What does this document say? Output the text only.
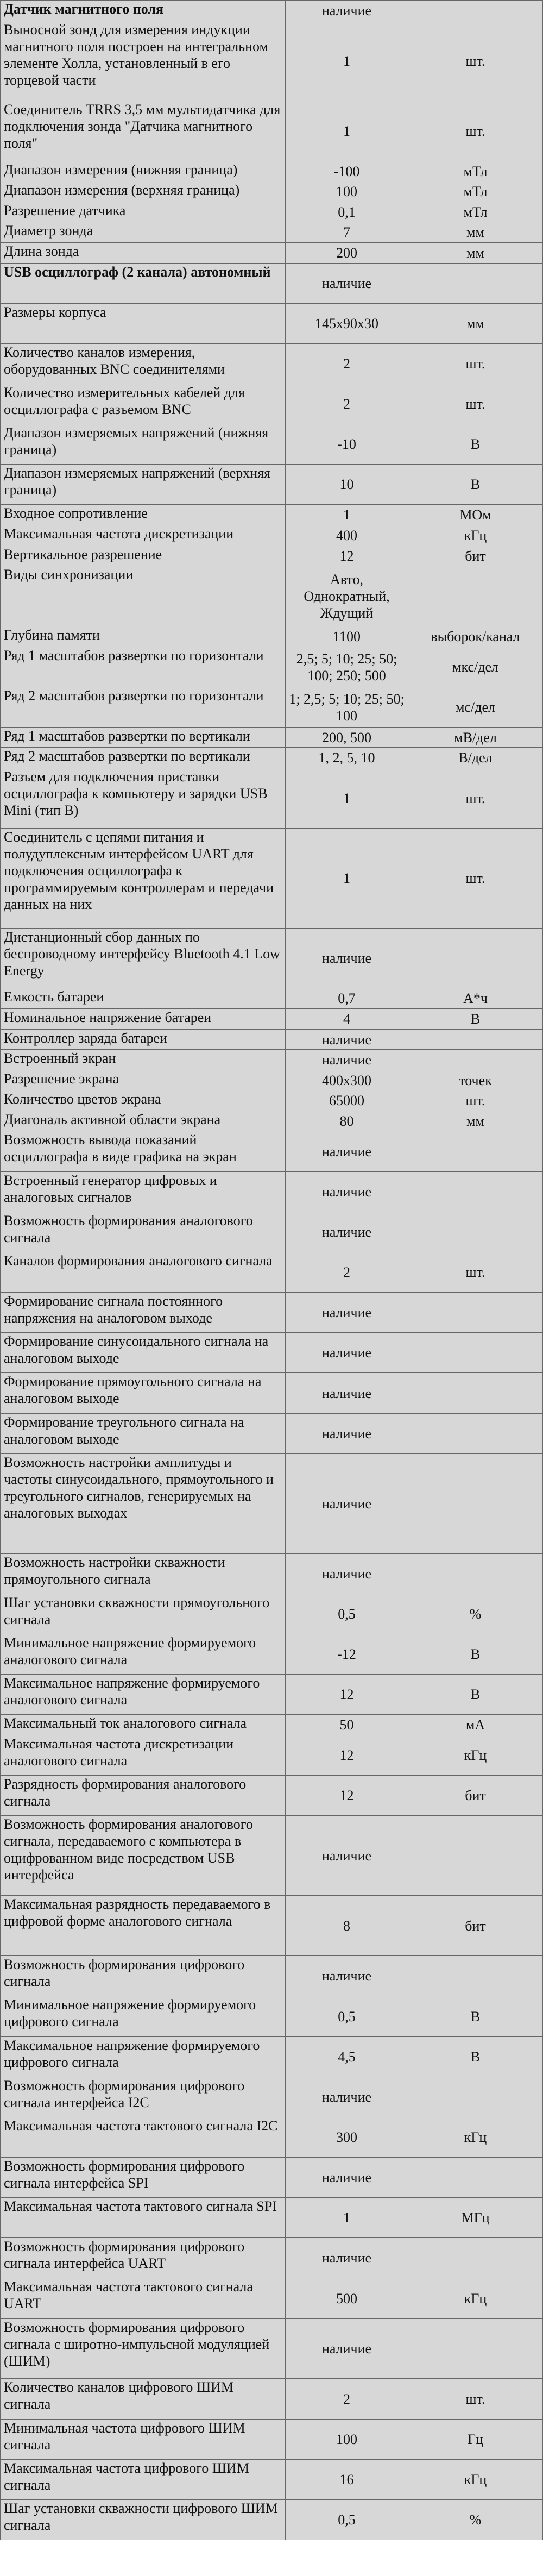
Датчик магнитного поля	наличие	
Выносной зонд для измерения индукции магнитного поля построен на интегральном элементе Холла, установленный в его торцевой части	1	шт.
Соединитель TRRS 3,5 мм мультидатчика для подключения зонда "Датчика магнитного поля"	1	шт.
Диапазон измерения (нижняя граница)	-100	мТл
Диапазон измерения (верхняя граница)	100	мТл
Разрешение датчика	0,1	мТл
Диаметр зонда	7	мм
Длина зонда	200	мм
USB осциллограф (2 канала) автономный	наличие	
Размеры корпуса	145х90х30	мм
Количество каналов измерения, оборудованных BNC соединителями	2	шт.
Количество измерительных кабелей для осциллографа с разъемом BNC	2	шт.
Диапазон измеряемых напряжений (нижняя граница)	-10	В
Диапазон измеряемых напряжений (верхняя граница)	10	В
Входное сопротивление	1	МОм
Максимальная частота дискретизации	400	кГц
Вертикальное разрешение	12	бит
Виды синхронизации	Авто, Однократный, Ждущий	
Глубина памяти	1100	выборок/канал
Ряд 1 масштабов развертки по горизонтали	2,5; 5; 10; 25; 50; 100; 250; 500	мкс/дел
Ряд 2 масштабов развертки по горизонтали	1; 2,5; 5; 10; 25; 50; 100	мс/дел
Ряд 1 масштабов развертки по вертикали	200, 500	мВ/дел
Ряд 2 масштабов развертки по вертикали	1, 2, 5, 10	В/дел
Разъем для подключения приставки осциллографа к компьютеру и зарядки USB Mini (тип B)	1	шт.
Соединитель с цепями питания и полудуплексным интерфейсом UART для подключения осциллографа к программируемым контроллерам и передачи данных на них	1	шт.
Дистанционный сбор данных по беспроводному интерфейсу Bluetooth 4.1 Low Energy	наличие	
Емкость батареи	0,7	А*ч
Номинальное напряжение батареи	4	В
Контроллер заряда батареи	наличие	
Встроенный экран	наличие	
Разрешение экрана	400х300	точек
Количество цветов экрана	65000	шт.
Диагональ активной области экрана	80	мм
Возможность вывода показаний осциллографа в виде графика на экран	наличие	
Встроенный генератор цифровых и аналоговых сигналов	наличие	
Возможность формирования аналогового сигнала	наличие	
Каналов формирования аналогового сигнала	2	шт.
Формирование сигнала постоянного напряжения на аналоговом выходе	наличие	
Формирование синусоидального сигнала на аналоговом выходе	наличие	
Формирование прямоугольного сигнала на аналоговом выходе	наличие	
Формирование треугольного сигнала на аналоговом выходе	наличие	
Возможность настройки амплитуды и частоты синусоидального, прямоугольного и треугольного сигналов, генерируемых на аналоговых выходах	наличие	
Возможность настройки скважности прямоугольного сигнала	наличие	
Шаг установки скважности прямоугольного сигнала	0,5	%
Минимальное напряжение формируемого аналогового сигнала	-12	В
Максимальное напряжение формируемого аналогового сигнала	12	В
Максимальный ток аналогового сигнала	50	мА
Максимальная частота дискретизации аналогового сигнала	12	кГц
Разрядность формирования аналогового сигнала	12	бит
Возможность формирования аналогового сигнала, передаваемого с компьютера в оцифрованном виде посредством USB интерфейса	наличие	
Максимальная разрядность передаваемого в цифровой форме аналогового сигнала	8	бит
Возможность формирования цифрового сигнала	наличие	
Минимальное напряжение формируемого цифрового сигнала	0,5	В
Максимальное напряжение формируемого цифрового сигнала	4,5	В
Возможность формирования цифрового сигнала интерфейса I2C	наличие	
Максимальная частота тактового сигнала I2C	300	кГц
Возможность формирования цифрового сигнала интерфейса SPI	наличие	
Максимальная частота тактового сигнала SPI	1	МГц
Возможность формирования цифрового сигнала интерфейса UART	наличие	
Максимальная частота тактового сигнала UART	500	кГц
Возможность формирования цифрового сигнала с широтно-импульсной модуляцией (ШИМ)	наличие	
Количество каналов цифрового ШИМ сигнала	2	шт.
Минимальная частота цифрового ШИМ сигнала	100	Гц
Максимальная частота цифрового ШИМ сигнала	16	кГц
Шаг установки скважности цифрового ШИМ сигнала	0,5	%
